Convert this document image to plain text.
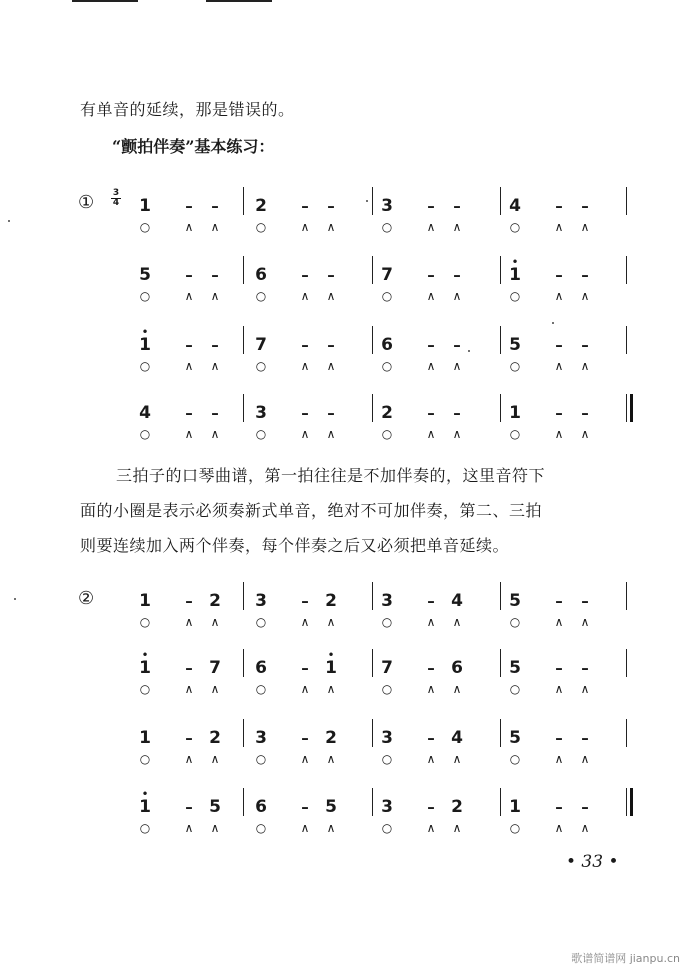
有单音的延续，那是错误的。
“颤拍伴奏”基本练习：
①	3
4 1
○
–
∧
–
∧
2
○
–
∧
–
∧
3
○
–
∧
–
∧
4
○
–
∧
–
∧
5
○
–
∧
–
∧
6
○
–
∧
–
∧
7
○
–
∧
–
∧
1
•
○
–
∧
–
∧
1
•
○
–
∧
–
∧
7
○
–
∧
–
∧
6
○
–
∧
–
∧
5
○
–
∧
–
∧
4
○
–
∧
–
∧
3
○
–
∧
–
∧
2
○
–
∧
–
∧
1
○
–
∧
–
∧
三拍子的口琴曲谱，第一拍往往是不加伴奏的，这里音符下
面的小圈是表示必须奏新式单音，绝对不可加伴奏，第二、三拍
则要连续加入两个伴奏，每个伴奏之后又必须把单音延续。
②	1
○
–
∧
2
∧
3
○
–
∧
2
∧
3
○
–
∧
4
∧
5
○
–
∧
–
∧
1
•
○
–
∧
7
∧
6
○
–
∧
1
•
∧
7
○
–
∧
6
∧
5
○
–
∧
–
∧
1
○
–
∧
2
∧
3
○
–
∧
2
∧
3
○
–
∧
4
∧
5
○
–
∧
–
∧
1
•
○
–
∧
5
∧
6
○
–
∧
5
∧
3
○
–
∧
2
∧
1
○
–
∧
–
∧
• 33 •
歌谱简谱网 jianpu.cn
